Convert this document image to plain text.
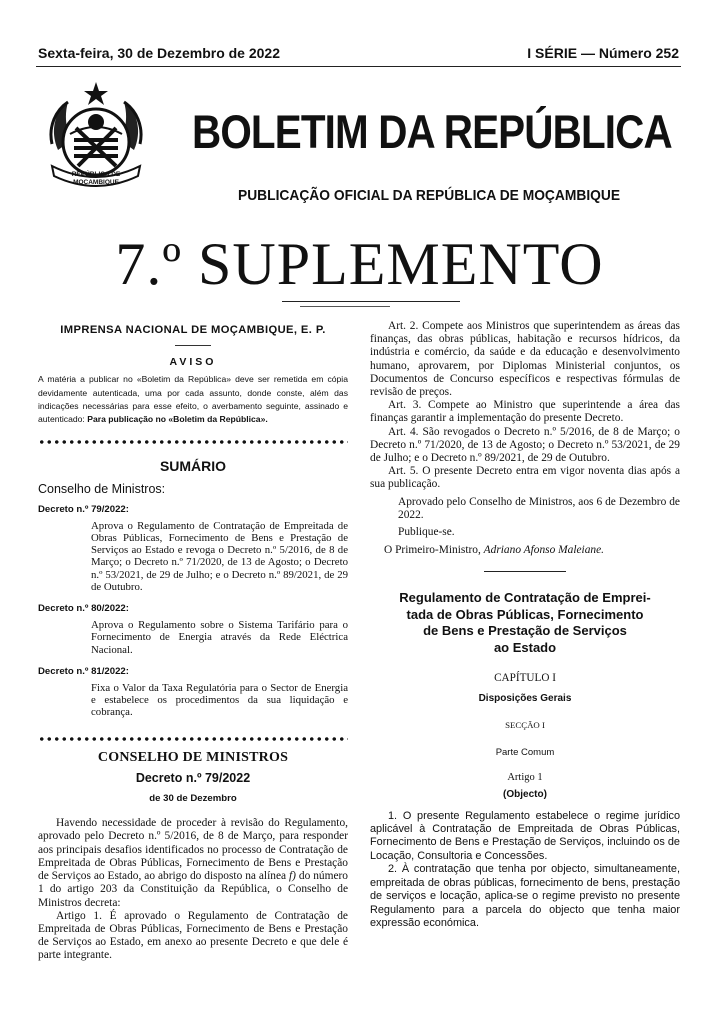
Sexta-feira, 30 de Dezembro de 2022	I SÉRIE — Número 252
REPÚBLICA DE
MOÇAMBIQUE
BOLETIM DA REPÚBLICA
PUBLICAÇÃO OFICIAL DA REPÚBLICA DE MOÇAMBIQUE
7.º SUPLEMENTO
IMPRENSA NACIONAL DE MOÇAMBIQUE, E. P.
AVISO
A matéria a publicar no «Boletim da República» deve ser remetida em cópia devidamente autenticada, uma por cada assunto, donde conste, além das indicações necessárias para esse efeito, o averbamento seguinte, assinado e autenticado: Para publicação no «Boletim da República».
SUMÁRIO
Conselho de Ministros:
Decreto n.º 79/2022:
Aprova o Regulamento de Contratação de Empreitada de Obras Públicas, Fornecimento de Bens e Prestação de Serviços ao Estado e revoga o Decreto n.º 5/2016, de 8 de Março; o Decreto n.º 71/2020, de 13 de Agosto; o Decreto n.º 53/2021, de 29 de Julho; e o Decreto n.º 89/2021, de 29 de Outubro.
Decreto n.º 80/2022:
Aprova o Regulamento sobre o Sistema Tarifário para o Fornecimento de Energia através da Rede Eléctrica Nacional.
Decreto n.º 81/2022:
Fixa o Valor da Taxa Regulatória para o Sector de Energia e estabelece os procedimentos da sua liquidação e cobrança.
CONSELHO DE MINISTROS
Decreto n.º 79/2022
de 30 de Dezembro

Havendo necessidade de proceder à revisão do Regulamento, aprovado pelo Decreto n.º 5/2016, de 8 de Março, para responder aos principais desafios identificados no processo de Contratação de Empreitada de Obras Públicas, Fornecimento de Bens e Prestação de Serviços ao Estado, ao abrigo do disposto na alínea f) do número 1 do artigo 203 da Constituição da República, o Conselho de Ministros decreta:

Artigo 1. É aprovado o Regulamento de Contratação de Empreitada de Obras Públicas, Fornecimento de Bens e Prestação de Serviços ao Estado, em anexo ao presente Decreto e que dele é parte integrante.

Art. 2. Compete aos Ministros que superintendem as áreas das finanças, das obras públicas, habitação e recursos hídricos, da indústria e comércio, da saúde e da educação e desenvolvimento humano, aprovarem, por Diplomas Ministerial conjuntos, os Documentos de Concurso específicos e respectivas fórmulas de revisão de preços.

Art. 3. Compete ao Ministro que superintende a área das finanças garantir a implementação do presente Decreto.

Art. 4. São revogados o Decreto n.º 5/2016, de 8 de Março; o Decreto n.º 71/2020, de 13 de Agosto; o Decreto n.º 53/2021, de 29 de Julho; e o Decreto n.º 89/2021, de 29 de Outubro.

Art. 5. O presente Decreto entra em vigor noventa dias após a sua publicação.

Aprovado pelo Conselho de Ministros, aos 6 de Dezembro de 2022.

Publique-se.

O Primeiro-Ministro, Adriano Afonso Maleiane.

Regulamento de Contratação de Emprei-
tada de Obras Públicas, Fornecimento
de Bens e Prestação de Serviços
ao Estado
CAPÍTULO I
Disposições Gerais
SECÇÃO I
Parte Comum
Artigo 1
(Objecto)

1. O presente Regulamento estabelece o regime jurídico aplicável à Contratação de Empreitada de Obras Públicas, Fornecimento de Bens e Prestação de Serviços, incluindo os de Locação, Consultoria e Concessões.

2. À contratação que tenha por objecto, simultaneamente, empreitada de obras públicas, fornecimento de bens, prestação de serviços e locação, aplica-se o regime previsto no presente Regulamento para a parcela do objecto que tenha maior expressão económica.
